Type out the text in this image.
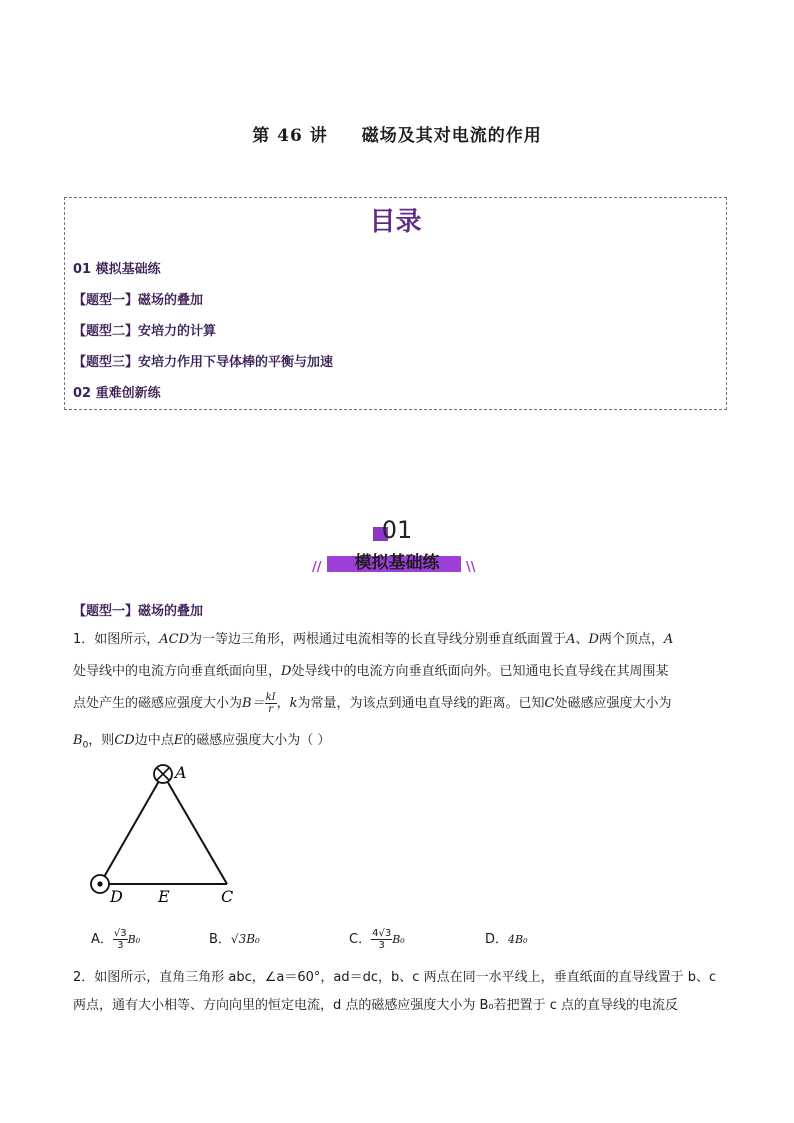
第 46 讲 磁场及其对电流的作用
目录
01 模拟基础练
【题型一】磁场的叠加
【题型二】安培力的计算
【题型三】安培力作用下导体棒的平衡与加速
02 重难创新练
01
模拟基础练
//	\\
【题型一】磁场的叠加
1．如图所示，ACD为一等边三角形，两根通过电流相等的长直导线分别垂直纸面置于A、D两个顶点，A
处导线中的电流方向垂直纸面向里，D处导线中的电流方向垂直纸面向外。已知通电长直导线在其周围某
点处产生的磁感应强度大小为$B= \frac{kI}{r}$ ，k为常量，为该点到通电直导线的距离。已知C处磁感应强度大小为
$B_0$，则CD边中点E的磁感应强度大小为（ ）
A
D E	C
A． $\frac{√3}{3} B_0$	B．√3B₀	C． $\frac{4√3}{3} B_0$	D．4B₀
2．如图所示，直角三角形 abc，∠a＝60°，ad＝dc，b、c 两点在同一水平线上，垂直纸面的直导线置于 b、c
两点，通有大小相等、方向向里的恒定电流，d 点的磁感应强度大小为 B₀若把置于 c 点的直导线的电流反
